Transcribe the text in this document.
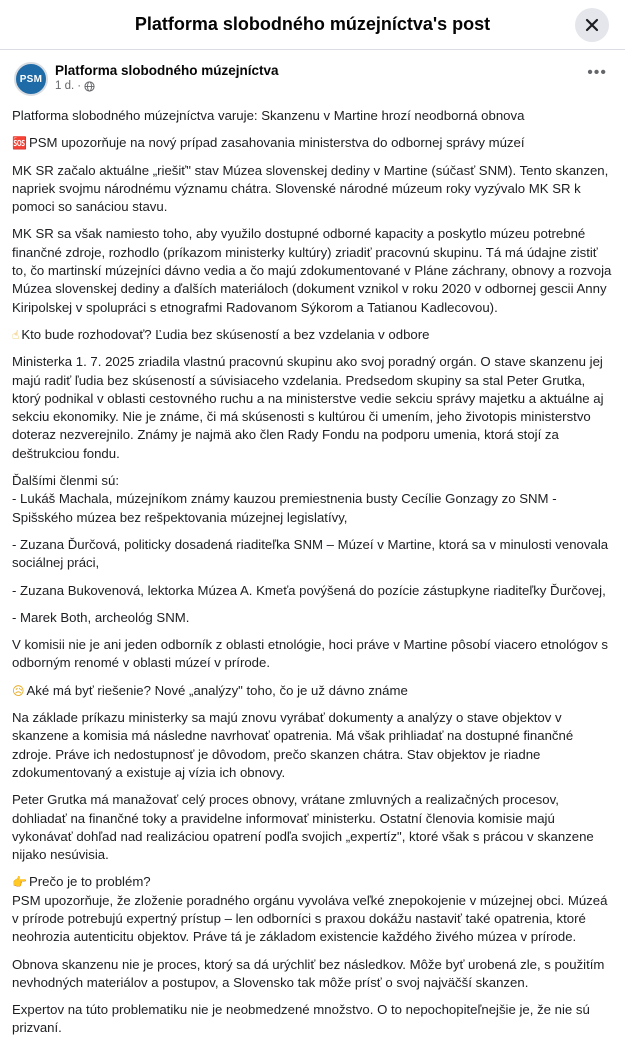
Platforma slobodného múzejníctva's post
PSM
Platforma slobodného múzejníctva
1 d. ·
•••

Platforma slobodného múzejníctva varuje: Skanzenu v Martine hrozí neodborná obnova

🆘 PSM upozorňuje na nový prípad zasahovania ministerstva do odbornej správy múzeí

MK SR začalo aktuálne „riešiť" stav Múzea slovenskej dediny v Martine (súčasť SNM). Tento skanzen, napriek svojmu národnému významu chátra. Slovenské národné múzeum roky vyzývalo MK SR k pomoci so sanáciou stavu.

MK SR sa však namiesto toho, aby využilo dostupné odborné kapacity a poskytlo múzeu potrebné finančné zdroje, rozhodlo (príkazom ministerky kultúry) zriadiť pracovnú skupinu. Tá má údajne zistiť to, čo martinskí múzejníci dávno vedia a čo majú zdokumentované v Pláne záchrany, obnovy a rozvoja Múzea slovenskej dediny a ďalších materiáloch (dokument vznikol v roku 2020 v odbornej gescii Anny Kiripolskej v spolupráci s etnografmi Radovanom Sýkorom a Tatianou Kadlecovou).

☝ Kto bude rozhodovať? Ľudia bez skúseností a bez vzdelania v odbore

Ministerka 1. 7. 2025 zriadila vlastnú pracovnú skupinu ako svoj poradný orgán. O stave skanzenu jej majú radiť ľudia bez skúseností a súvisiaceho vzdelania. Predsedom skupiny sa stal Peter Grutka, ktorý podnikal v oblasti cestovného ruchu a na ministerstve vedie sekciu správy majetku a aktuálne aj sekciu ekonomiky. Nie je známe, či má skúsenosti s kultúrou či umením, jeho životopis ministerstvo doteraz nezverejnilo. Známy je najmä ako člen Rady Fondu na podporu umenia, ktorá stojí za deštrukciou fondu.

Ďalšími členmi sú:
- Lukáš Machala, múzejníkom známy kauzou premiestnenia busty Cecílie Gonzagy zo SNM - Spišského múzea bez rešpektovania múzejnej legislatívy,

- Zuzana Ďurčová, politicky dosadená riaditeľka SNM – Múzeí v Martine, ktorá sa v minulosti venovala sociálnej práci,

- Zuzana Bukovenová, lektorka Múzea A. Kmeťa povýšená do pozície zástupkyne riaditeľky Ďurčovej,

- Marek Both, archeológ SNM.

V komisii nie je ani jeden odborník z oblasti etnológie, hoci práve v Martine pôsobí viacero etnológov s odborným renomé v oblasti múzeí v prírode.

😥 Aké má byť riešenie? Nové „analýzy" toho, čo je už dávno známe

Na základe príkazu ministerky sa majú znovu vyrábať dokumenty a analýzy o stave objektov v skanzene a komisia má následne navrhovať opatrenia. Má však prihliadať na dostupné finančné zdroje. Práve ich nedostupnosť je dôvodom, prečo skanzen chátra. Stav objektov je riadne zdokumentovaný a existuje aj vízia ich obnovy.

Peter Grutka má manažovať celý proces obnovy, vrátane zmluvných a realizačných procesov, dohliadať na finančné toky a pravidelne informovať ministerku. Ostatní členovia komisie majú vykonávať dohľad nad realizáciou opatrení podľa svojich „expertíz", ktoré však s prácou v skanzene nijako nesúvisia.

👉 Prečo je to problém?
PSM upozorňuje, že zloženie poradného orgánu vyvoláva veľké znepokojenie v múzejnej obci. Múzeá v prírode potrebujú expertný prístup – len odborníci s praxou dokážu nastaviť také opatrenia, ktoré neohrozia autenticitu objektov. Práve tá je základom existencie každého živého múzea v prírode.

Obnova skanzenu nie je proces, ktorý sa dá urýchliť bez následkov. Môže byť urobená zle, s použitím nevhodných materiálov a postupov, a Slovensko tak môže prísť o svoj najväčší skanzen.

Expertov na túto problematiku nie je neobmedzené množstvo. O to nepochopiteľnejšie je, že nie sú prizvaní.
